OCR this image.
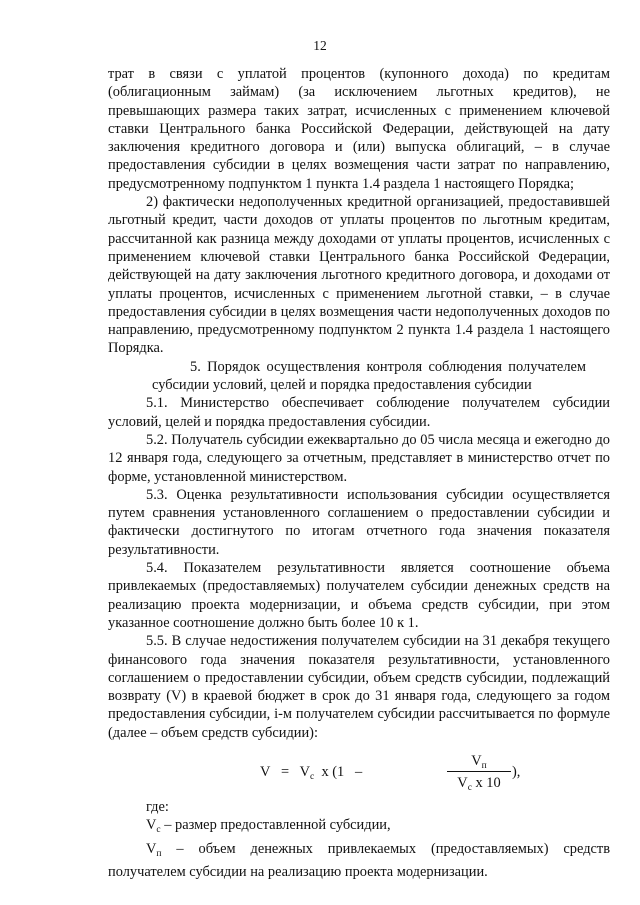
12

трат в связи с уплатой процентов (купонного дохода) по кредитам (облигационным займам) (за исключением льготных кредитов), не превышающих размера таких затрат, исчисленных с применением ключевой ставки Центрального банка Российской Федерации, действующей на дату заключения кредитного договора и (или) выпуска облигаций, – в случае предоставления субсидии в целях возмещения части затрат по направлению, предусмотренному подпунктом 1 пункта 1.4 раздела 1 настоящего Порядка;

2) фактически недополученных кредитной организацией, предоставившей льготный кредит, части доходов от уплаты процентов по льготным кредитам, рассчитанной как разница между доходами от уплаты процентов, исчисленных с применением ключевой ставки Центрального банка Российской Федерации, действующей на дату заключения льготного кредитного договора, и доходами от уплаты процентов, исчисленных с применением льготной ставки, – в случае предоставления субсидии в целях возмещения части недополученных доходов по направлению, предусмотренному подпунктом 2 пункта 1.4 раздела 1 настоящего Порядка.

5. Порядок осуществления контроля соблюдения получателем субсидии условий, целей и порядка предоставления субсидии

5.1. Министерство обеспечивает соблюдение получателем субсидии условий, целей и порядка предоставления субсидии.

5.2. Получатель субсидии ежеквартально до 05 числа месяца и ежегодно до 12 января года, следующего за отчетным, представляет в министерство отчет по форме, установленной министерством.

5.3. Оценка результативности использования субсидии осуществляется путем сравнения установленного соглашением о предоставлении субсидии и фактически достигнутого по итогам отчетного года значения показателя результативности.

5.4. Показателем результативности является соотношение объема привлекаемых (предоставляемых) получателем субсидии денежных средств на реализацию проекта модернизации, и объема средств субсидии, при этом указанное соотношение должно быть более 10 к 1.

5.5. В случае недостижения получателем субсидии на 31 декабря текущего финансового года значения показателя результативности, установленного соглашением о предоставлении субсидии, объем средств субсидии, подлежащий возврату (V) в краевой бюджет в срок до 31 января года, следующего за годом предоставления субсидии, i-м получателем субсидии рассчитывается по формуле (далее – объем средств субсидии):

$V = V_с$ х (1 –
$V_п$
$V_с$ х 10
),

где:

$V_с$ – размер предоставленной субсидии,

$V_п$ – объем денежных привлекаемых (предоставляемых) средств получателем субсидии на реализацию проекта модернизации.
